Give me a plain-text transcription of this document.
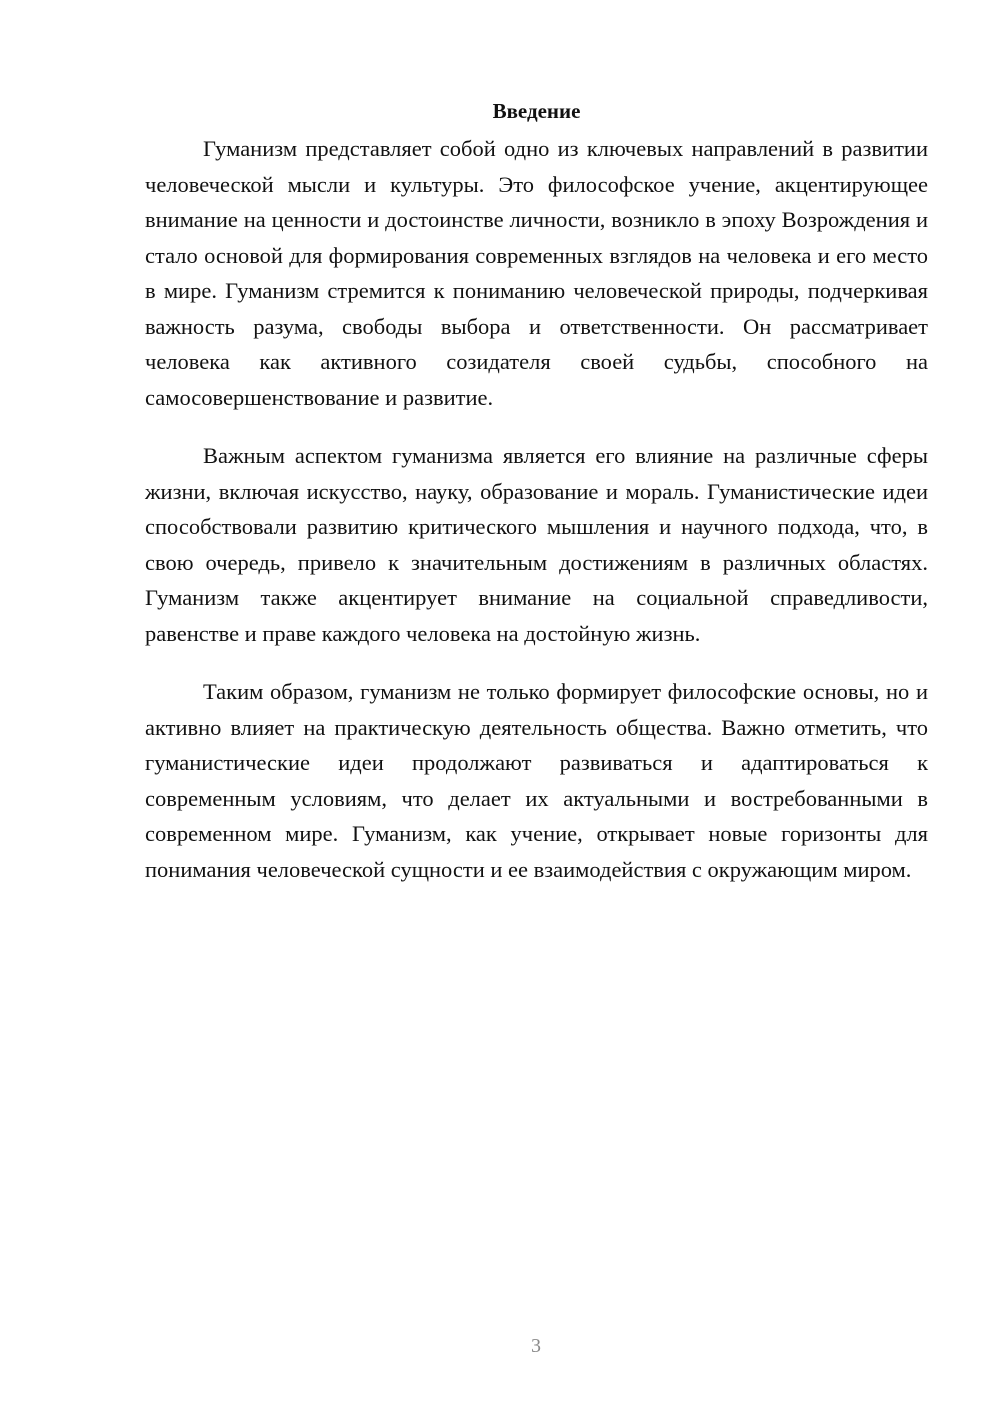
Введение

Гуманизм представляет собой одно из ключевых направлений в развитии человеческой мысли и культуры. Это философское учение, акцентирующее внимание на ценности и достоинстве личности, возникло в эпоху Возрождения и стало основой для формирования современных взглядов на человека и его место в мире. Гуманизм стремится к пониманию человеческой природы, подчеркивая важность разума, свободы выбора и ответственности. Он рассматривает человека как активного созидателя своей судьбы, способного на самосовершенствование и развитие.

Важным аспектом гуманизма является его влияние на различные сферы жизни, включая искусство, науку, образование и мораль. Гуманистические идеи способствовали развитию критического мышления и научного подхода, что, в свою очередь, привело к значительным достижениям в различных областях. Гуманизм также акцентирует внимание на социальной справедливости, равенстве и праве каждого человека на достойную жизнь.

Таким образом, гуманизм не только формирует философские основы, но и активно влияет на практическую деятельность общества. Важно отметить, что гуманистические идеи продолжают развиваться и адаптироваться к современным условиям, что делает их актуальными и востребованными в современном мире. Гуманизм, как учение, открывает новые горизонты для понимания человеческой сущности и ее взаимодействия с окружающим миром.

3
